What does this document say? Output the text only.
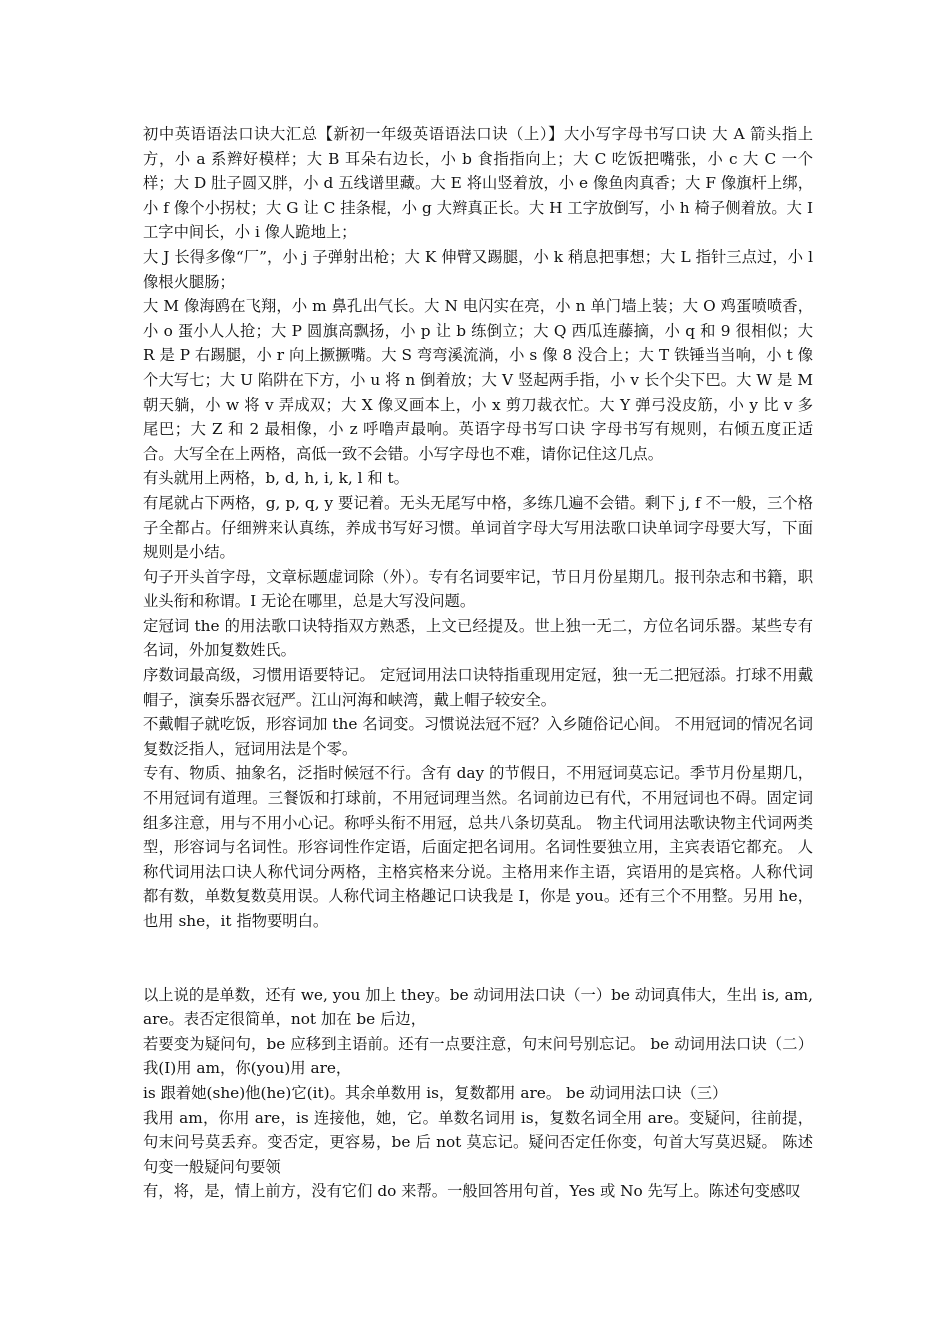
初中英语语法口诀大汇总【新初一年级英语语法口诀（上）】大小写字母书写口诀 大 A 箭头指上方，小 a 系辫好模样；大 B 耳朵右边长，小 b 食指指向上；大 C 吃饭把嘴张，小 c 大 C 一个样；大 D 肚子圆又胖，小 d 五线谱里藏。大 E 将山竖着放，小 e 像鱼肉真香；大 F 像旗杆上绑，小 f 像个小拐杖；大 G 让 C 挂条棍，小 g 大辫真正长。大 H 工字放倒写，小 h 椅子侧着放。大 I 工字中间长，小 i 像人跪地上；

大 J 长得多像“厂”，小 j 子弹射出枪；大 K 伸臂又踢腿，小 k 稍息把事想；大 L 指针三点过，小 l 像根火腿肠；

大 M 像海鸥在飞翔，小 m 鼻孔出气长。大 N 电闪实在亮，小 n 单门墙上装；大 O 鸡蛋喷喷香，小 o 蛋小人人抢；大 P 圆旗高飘扬，小 p 让 b 练倒立；大 Q 西瓜连藤摘，小 q 和 9 很相似；大 R 是 P 右踢腿，小 r 向上撅撅嘴。大 S 弯弯溪流淌，小 s 像 8 没合上；大 T 铁锤当当响，小 t 像个大写七；大 U 陷阱在下方，小 u 将 n 倒着放；大 V 竖起两手指，小 v 长个尖下巴。大 W 是 M 朝天躺，小 w 将 v 弄成双；大 X 像叉画本上，小 x 剪刀裁衣忙。大 Y 弹弓没皮筋，小 y 比 v 多尾巴；大 Z 和 2 最相像，小 z 呼噜声最响。英语字母书写口诀 字母书写有规则，右倾五度正适合。大写全在上两格，高低一致不会错。小写字母也不难，请你记住这几点。

有头就用上两格，b, d, h, i, k, l 和 t。

有尾就占下两格，g, p, q, y 要记着。无头无尾写中格，多练几遍不会错。剩下 j, f 不一般，三个格子全都占。仔细辨来认真练，养成书写好习惯。单词首字母大写用法歌口诀单词字母要大写，下面规则是小结。

句子开头首字母，文章标题虚词除（外）。专有名词要牢记，节日月份星期几。报刊杂志和书籍，职业头衔和称谓。I 无论在哪里，总是大写没问题。

定冠词 the 的用法歌口诀特指双方熟悉，上文已经提及。世上独一无二，方位名词乐器。某些专有名词，外加复数姓氏。

序数词最高级，习惯用语要特记。 定冠词用法口诀特指重现用定冠，独一无二把冠添。打球不用戴帽子，演奏乐器衣冠严。江山河海和峡湾，戴上帽子较安全。

不戴帽子就吃饭，形容词加 the 名词变。习惯说法冠不冠？入乡随俗记心间。 不用冠词的情况名词复数泛指人，冠词用法是个零。

专有、物质、抽象名，泛指时候冠不行。含有 day 的节假日，不用冠词莫忘记。季节月份星期几，不用冠词有道理。三餐饭和打球前，不用冠词理当然。名词前边已有代，不用冠词也不碍。固定词组多注意，用与不用小心记。称呼头衔不用冠，总共八条切莫乱。 物主代词用法歌诀物主代词两类型，形容词与名词性。形容词性作定语，后面定把名词用。名词性要独立用，主宾表语它都充。 人称代词用法口诀人称代词分两格，主格宾格来分说。主格用来作主语，宾语用的是宾格。人称代词都有数，单数复数莫用误。人称代词主格趣记口诀我是 I，你是 you。还有三个不用整。另用 he，也用 she，it 指物要明白。

以上说的是单数，还有 we, you 加上 they。be 动词用法口诀（一）be 动词真伟大，生出 is, am, are。表否定很简单，not 加在 be 后边，

若要变为疑问句，be 应移到主语前。还有一点要注意，句末问号别忘记。 be 动词用法口诀（二）我(I)用 am，你(you)用 are，

is 跟着她(she)他(he)它(it)。其余单数用 is，复数都用 are。 be 动词用法口诀（三）

我用 am，你用 are，is 连接他，她，它。单数名词用 is，复数名词全用 are。变疑问，往前提，句末问号莫丢弃。变否定，更容易，be 后 not 莫忘记。疑问否定任你变，句首大写莫迟疑。 陈述句变一般疑问句要领

有，将，是，情上前方，没有它们 do 来帮。一般回答用句首，Yes 或 No 先写上。陈述句变感叹
